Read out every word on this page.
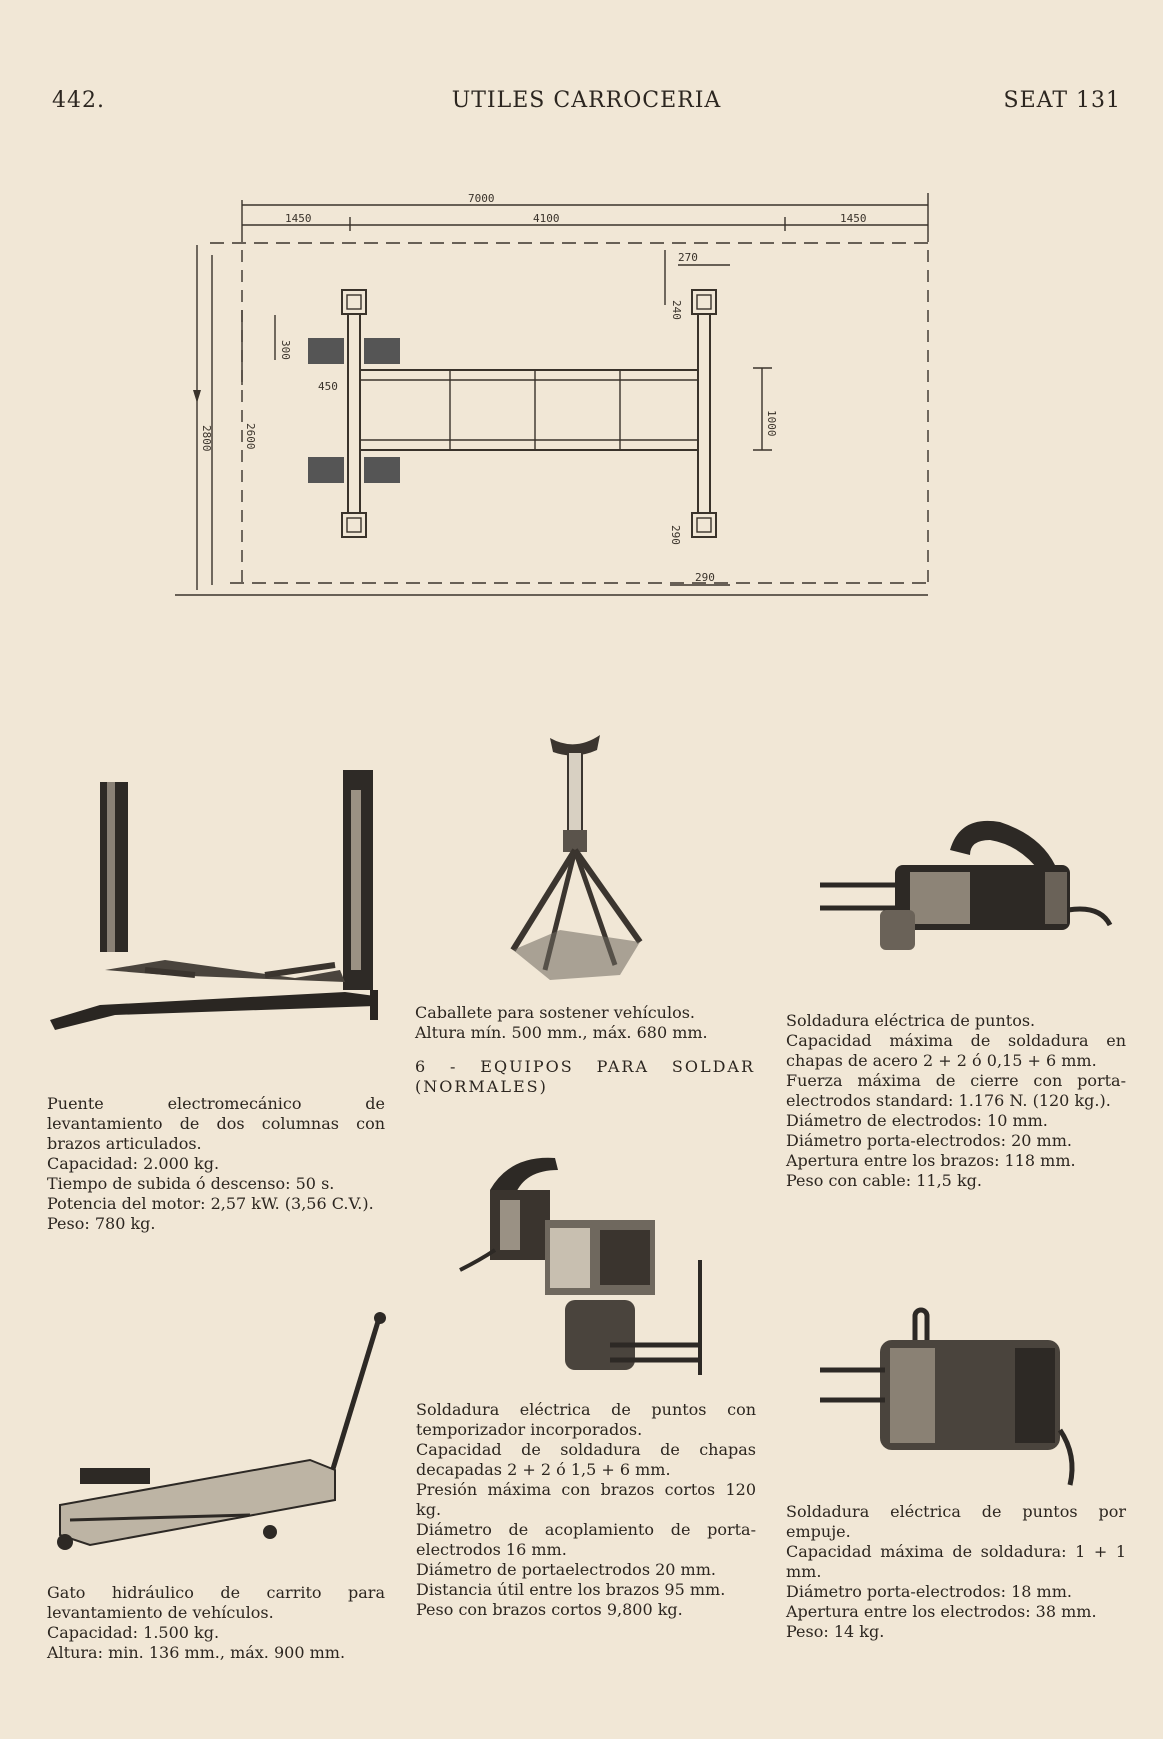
442.	UTILES CARROCERIA	SEAT 131
7000
1450	4100	1450
270
240
300
450
2800	2600	1000
290
290

Puente electromecánico de levantamiento de dos columnas con brazos articulados.

Capacidad: 2.000 kg.

Tiempo de subida ó descenso: 50 s.

Potencia del motor: 2,57 kW. (3,56 C.V.).

Peso: 780 kg.

Caballete para sostener vehículos.

Altura mín. 500 mm., máx. 680 mm.

6 - EQUIPOS PARA SOLDAR (NORMALES)

Soldadura eléctrica de puntos con temporizador incorporados.

Capacidad de soldadura de chapas decapadas 2 + 2 ó 1,5 + 6 mm.

Presión máxima con brazos cortos 120 kg.

Diámetro de acoplamiento de porta-electrodos 16 mm.

Diámetro de portaelectrodos 20 mm.

Distancia útil entre los brazos 95 mm.

Peso con brazos cortos 9,800 kg.

Soldadura eléctrica de puntos.

Capacidad máxima de soldadura en chapas de acero 2 + 2 ó 0,15 + 6 mm.

Fuerza máxima de cierre con porta-electrodos standard: 1.176 N. (120 kg.).

Diámetro de electrodos: 10 mm.

Diámetro porta-electrodos: 20 mm.

Apertura entre los brazos: 118 mm.

Peso con cable: 11,5 kg.

Gato hidráulico de carrito para levantamiento de vehículos.

Capacidad: 1.500 kg.

Altura: min. 136 mm., máx. 900 mm.

Soldadura eléctrica de puntos por empuje.

Capacidad máxima de soldadura: 1 + 1 mm.

Diámetro porta-electrodos: 18 mm.

Apertura entre los electrodos: 38 mm.

Peso: 14 kg.
